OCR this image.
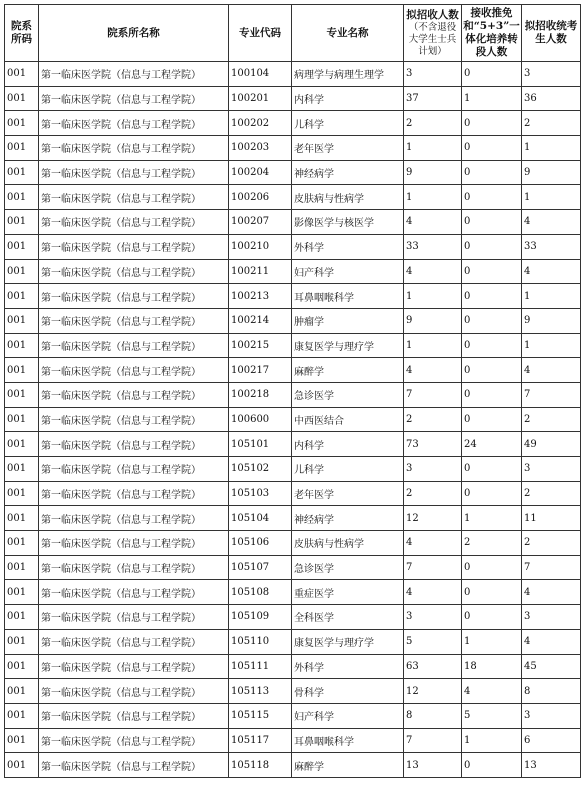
院系所码	院系所名称	专业代码	专业名称	拟招收人数
（不含退役大学生士兵计划）	接收推免和“5+3”一体化培养转段人数	拟招收统考生人数
001	第一临床医学院（信息与工程学院）	100104	病理学与病理生理学	3	0	3
001	第一临床医学院（信息与工程学院）	100201	内科学	37	1	36
001	第一临床医学院（信息与工程学院）	100202	儿科学	2	0	2
001	第一临床医学院（信息与工程学院）	100203	老年医学	1	0	1
001	第一临床医学院（信息与工程学院）	100204	神经病学	9	0	9
001	第一临床医学院（信息与工程学院）	100206	皮肤病与性病学	1	0	1
001	第一临床医学院（信息与工程学院）	100207	影像医学与核医学	4	0	4
001	第一临床医学院（信息与工程学院）	100210	外科学	33	0	33
001	第一临床医学院（信息与工程学院）	100211	妇产科学	4	0	4
001	第一临床医学院（信息与工程学院）	100213	耳鼻咽喉科学	1	0	1
001	第一临床医学院（信息与工程学院）	100214	肿瘤学	9	0	9
001	第一临床医学院（信息与工程学院）	100215	康复医学与理疗学	1	0	1
001	第一临床医学院（信息与工程学院）	100217	麻醉学	4	0	4
001	第一临床医学院（信息与工程学院）	100218	急诊医学	7	0	7
001	第一临床医学院（信息与工程学院）	100600	中西医结合	2	0	2
001	第一临床医学院（信息与工程学院）	105101	内科学	73	24	49
001	第一临床医学院（信息与工程学院）	105102	儿科学	3	0	3
001	第一临床医学院（信息与工程学院）	105103	老年医学	2	0	2
001	第一临床医学院（信息与工程学院）	105104	神经病学	12	1	11
001	第一临床医学院（信息与工程学院）	105106	皮肤病与性病学	4	2	2
001	第一临床医学院（信息与工程学院）	105107	急诊医学	7	0	7
001	第一临床医学院（信息与工程学院）	105108	重症医学	4	0	4
001	第一临床医学院（信息与工程学院）	105109	全科医学	3	0	3
001	第一临床医学院（信息与工程学院）	105110	康复医学与理疗学	5	1	4
001	第一临床医学院（信息与工程学院）	105111	外科学	63	18	45
001	第一临床医学院（信息与工程学院）	105113	骨科学	12	4	8
001	第一临床医学院（信息与工程学院）	105115	妇产科学	8	5	3
001	第一临床医学院（信息与工程学院）	105117	耳鼻咽喉科学	7	1	6
001	第一临床医学院（信息与工程学院）	105118	麻醉学	13	0	13
